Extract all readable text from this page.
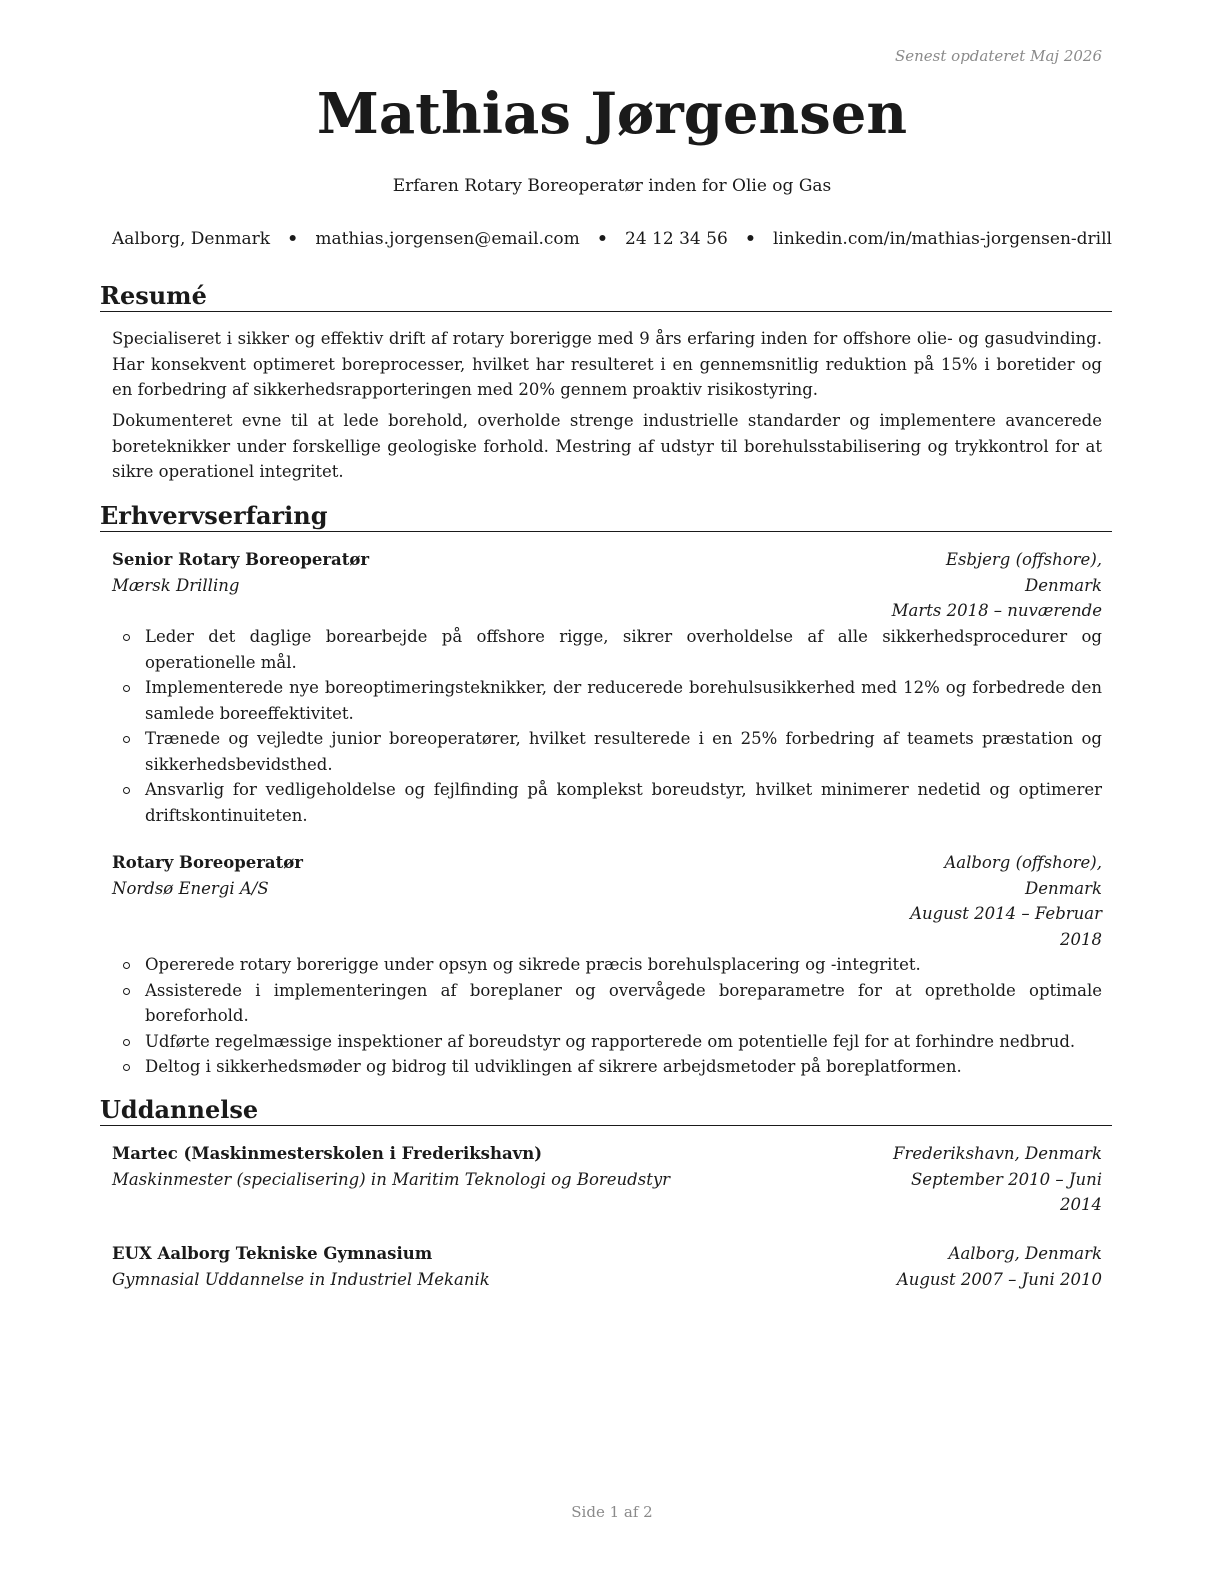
Senest opdateret Maj 2026
Mathias Jørgensen
Erfaren Rotary Boreoperatør inden for Olie og Gas
Aalborg, Denmark • mathias.jorgensen@email.com • 24 12 34 56 • linkedin.com/in/mathias-jorgensen-drill
Resumé

Specialiseret i sikker og effektiv drift af rotary borerigge med 9 års erfaring inden for offshore olie- og gasudvinding. Har konsekvent optimeret boreprocesser, hvilket har resulteret i en gennemsnitlig reduktion på 15% i boretider og en forbedring af sikkerhedsrapporteringen med 20% gennem proaktiv risikostyring.

Dokumenteret evne til at lede borehold, overholde strenge industrielle standarder og implementere avancerede boreteknikker under forskellige geologiske forhold. Mestring af udstyr til borehulsstabilisering og trykkontrol for at sikre operationel integritet.

Erhvervserfaring
Senior Rotary Boreoperatør
Mærsk Drilling
Esbjerg (offshore), Denmark
Marts 2018 – nuværende
Leder det daglige borearbejde på offshore rigge, sikrer overholdelse af alle sikkerhedsprocedurer og operationelle mål.
Implementerede nye boreoptimeringsteknikker, der reducerede borehulsusikkerhed med 12% og forbedrede den samlede boreeffektivitet.
Trænede og vejledte junior boreoperatører, hvilket resulterede i en 25% forbedring af teamets præstation og sikkerhedsbevidsthed.
Ansvarlig for vedligeholdelse og fejlfinding på komplekst boreudstyr, hvilket minimerer nedetid og optimerer driftskontinuiteten.
Rotary Boreoperatør
Nordsø Energi A/S
Aalborg (offshore), Denmark
August 2014 – Februar 2018
Opererede rotary borerigge under opsyn og sikrede præcis borehulsplacering og -integritet.
Assisterede i implementeringen af boreplaner og overvågede boreparametre for at opretholde optimale boreforhold.
Udførte regelmæssige inspektioner af boreudstyr og rapporterede om potentielle fejl for at forhindre nedbrud.
Deltog i sikkerhedsmøder og bidrog til udviklingen af sikrere arbejdsmetoder på boreplatformen.
Uddannelse
Martec (Maskinmesterskolen i Frederikshavn)
Maskinmester (specialisering) in Maritim Teknologi og Boreudstyr
Frederikshavn, Denmark
September 2010 – Juni 2014
EUX Aalborg Tekniske Gymnasium
Gymnasial Uddannelse in Industriel Mekanik
Aalborg, Denmark
August 2007 – Juni 2010
Side 1 af 2
